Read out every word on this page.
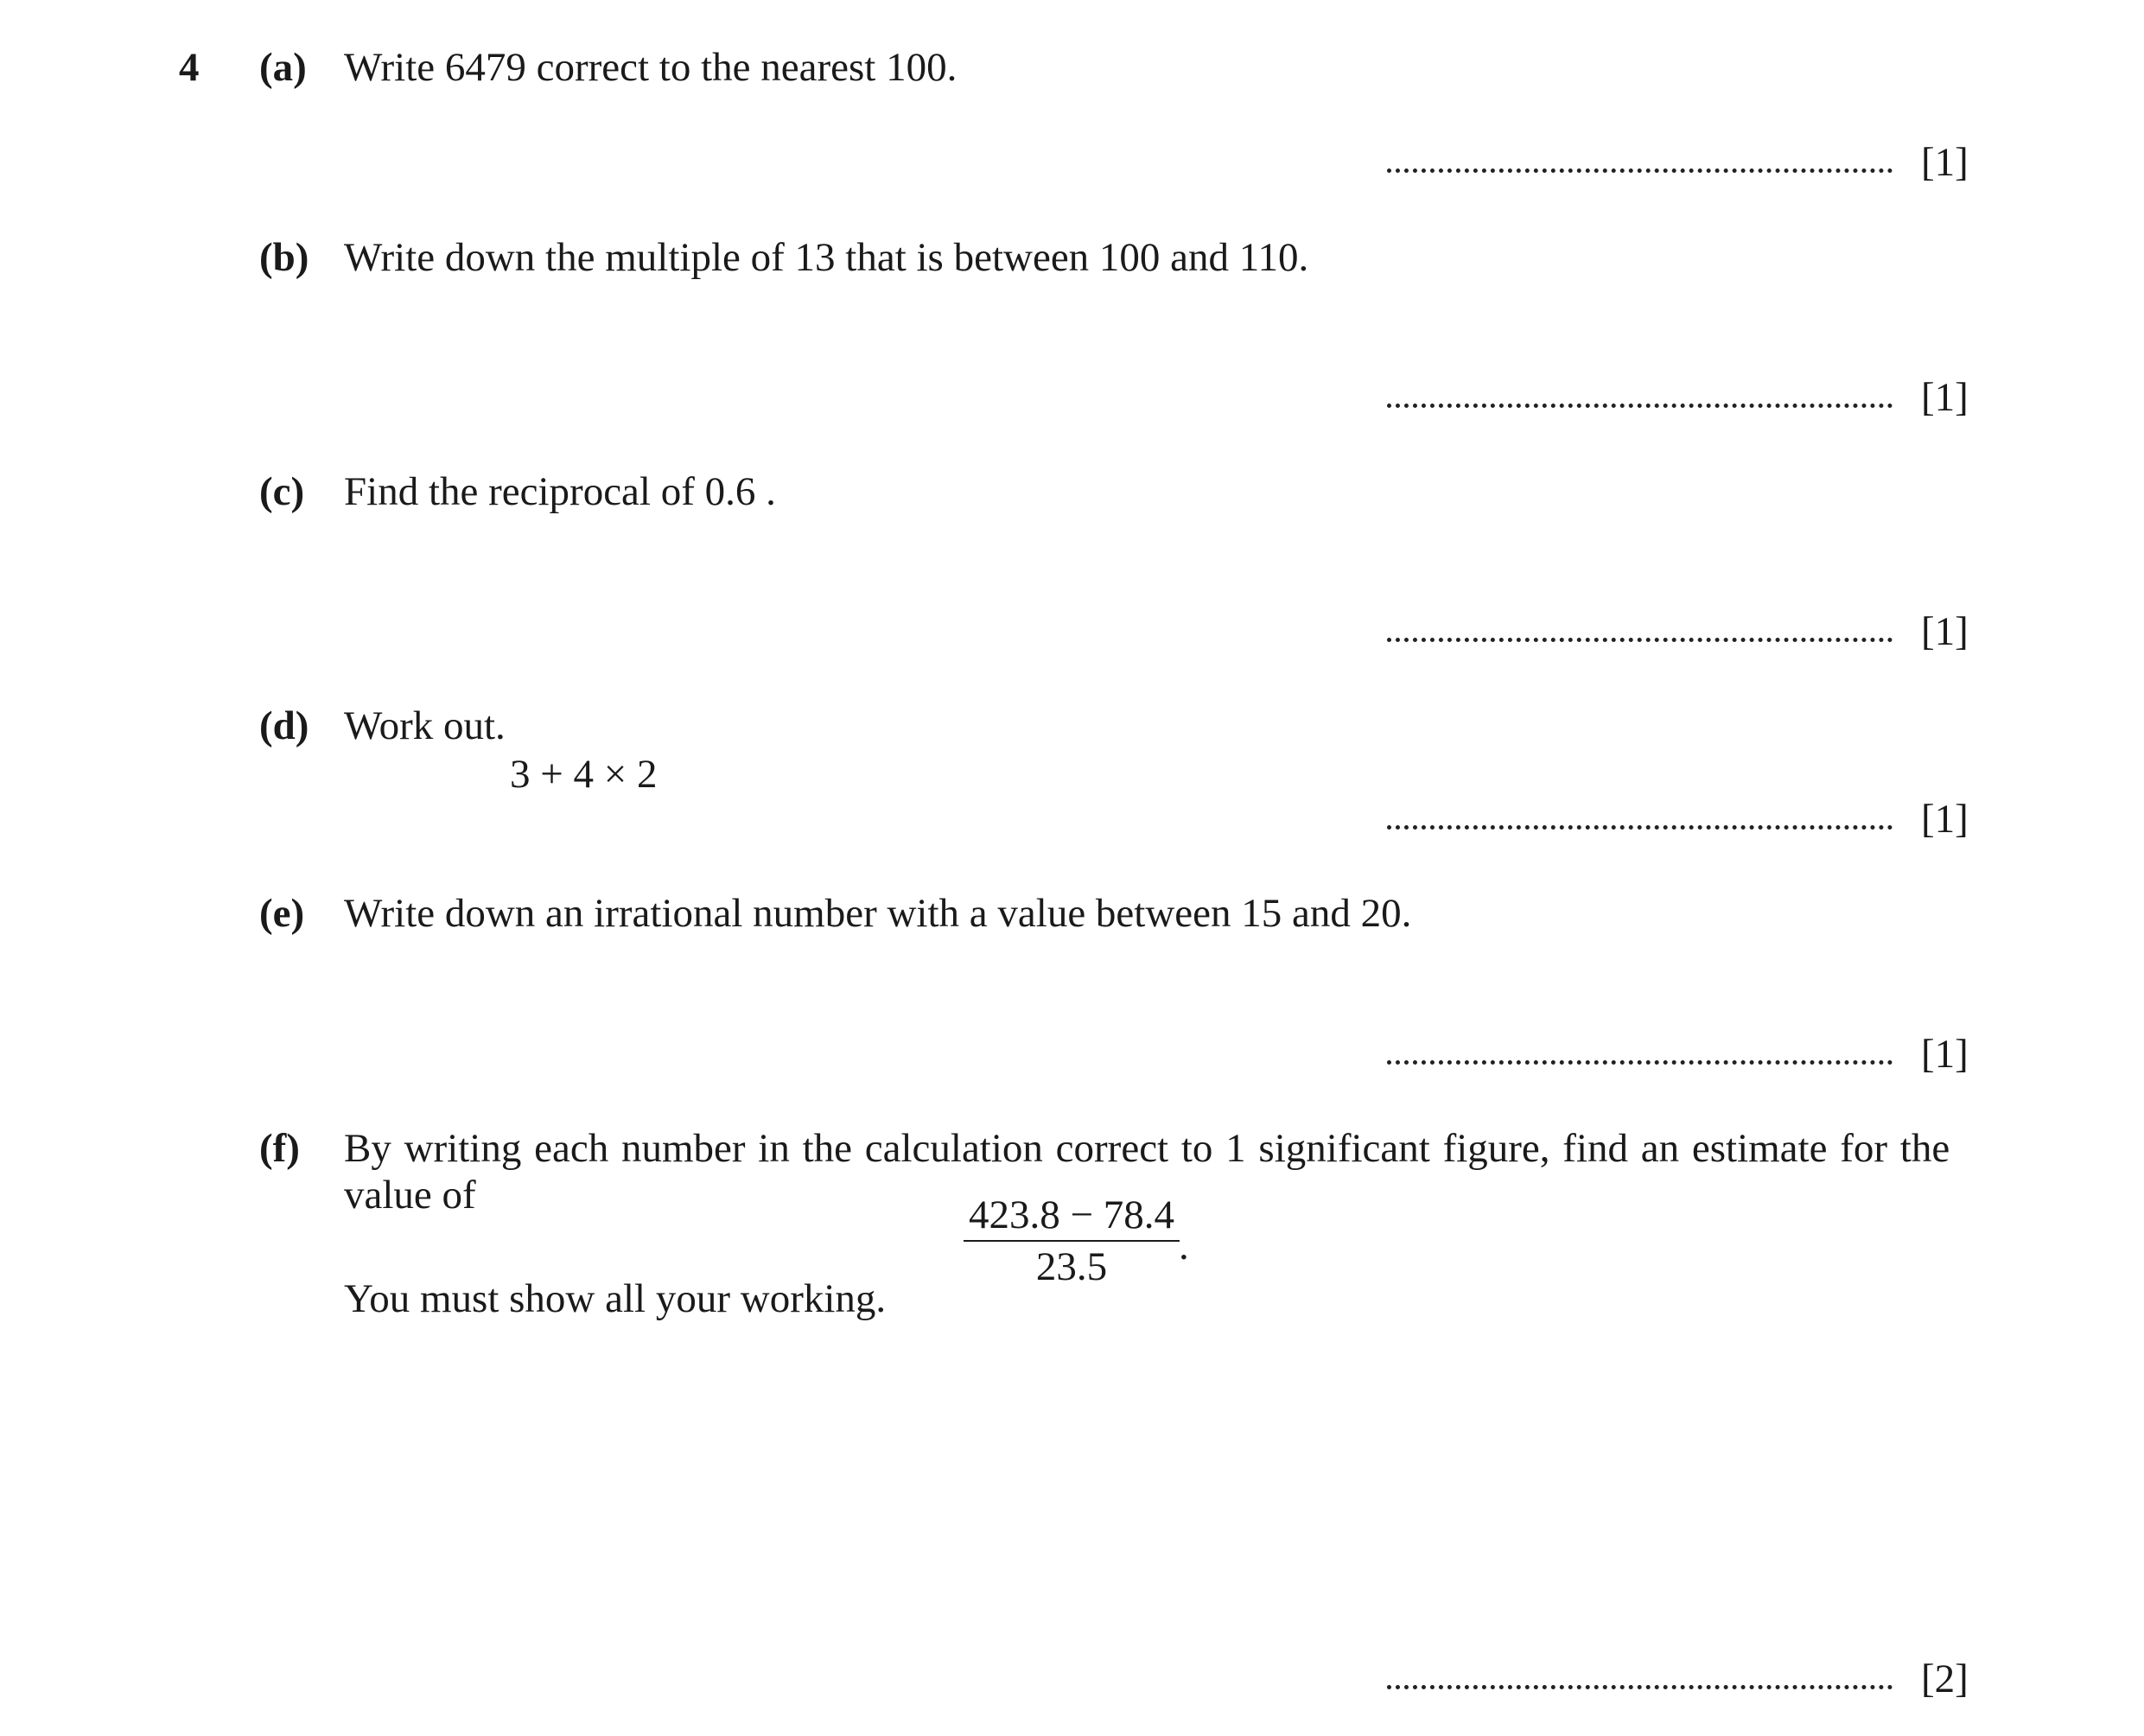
4 (a) Write 6479 correct to the nearest 100.
[1]
(b) Write down the multiple of 13 that is between 100 and 110.
[1]
(c) Find the reciprocal of 0.6 .
[1]
(d) Work out.
3 + 4 × 2
[1]
(e) Write down an irrational number with a value between 15 and 20.
[1]
(f) By writing each number in the calculation correct to 1 significant figure, find an estimate for the
value of	423.8 − 78.4
23.5	.
You must show all your working.
[2]
